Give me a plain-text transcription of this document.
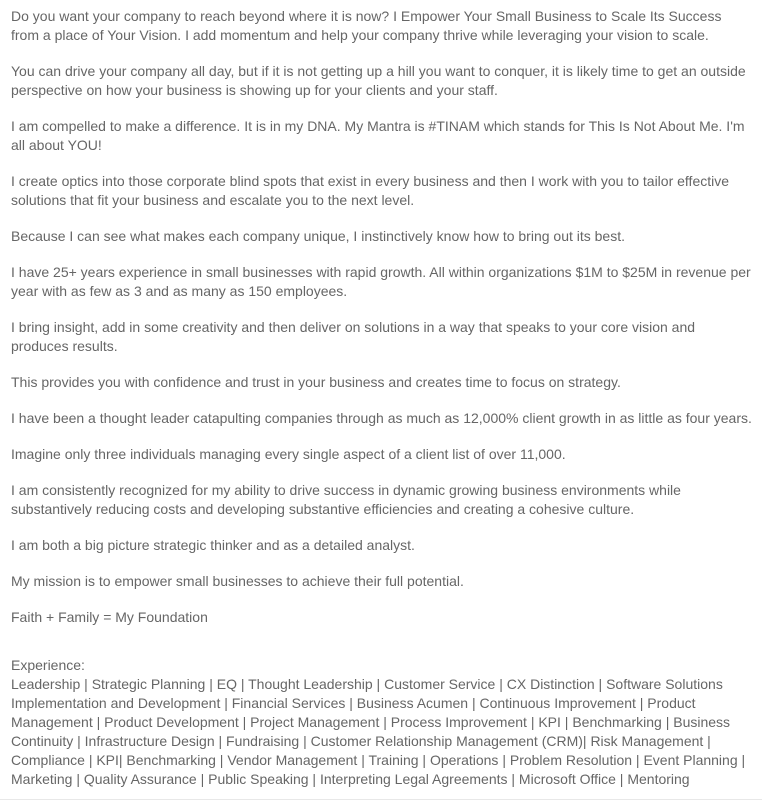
Do you want your company to reach beyond where it is now? I Empower Your Small Business to Scale Its Success from a place of Your Vision. I add momentum and help your company thrive while leveraging your vision to scale.

You can drive your company all day, but if it is not getting up a hill you want to conquer, it is likely time to get an outside perspective on how your business is showing up for your clients and your staff.

I am compelled to make a difference. It is in my DNA. My Mantra is #TINAM which stands for This Is Not About Me. I'm all about YOU!

I create optics into those corporate blind spots that exist in every business and then I work with you to tailor effective solutions that fit your business and escalate you to the next level.

Because I can see what makes each company unique, I instinctively know how to bring out its best.

I have 25+ years experience in small businesses with rapid growth. All within organizations $1M to $25M in revenue per year with as few as 3 and as many as 150 employees.

I bring insight, add in some creativity and then deliver on solutions in a way that speaks to your core vision and produces results.

This provides you with confidence and trust in your business and creates time to focus on strategy.

I have been a thought leader catapulting companies through as much as 12,000% client growth in as little as four years.

Imagine only three individuals managing every single aspect of a client list of over 11,000.

I am consistently recognized for my ability to drive success in dynamic growing business environments while substantively reducing costs and developing substantive efficiencies and creating a cohesive culture.

I am both a big picture strategic thinker and as a detailed analyst.

My mission is to empower small businesses to achieve their full potential.

Faith + Family = My Foundation

Experience:

Leadership | Strategic Planning | EQ | Thought Leadership | Customer Service | CX Distinction | Software Solutions Implementation and Development | Financial Services | Business Acumen | Continuous Improvement | Product Management | Product Development | Project Management | Process Improvement | KPI | Benchmarking | Business Continuity | Infrastructure Design | Fundraising | Customer Relationship Management (CRM)| Risk Management | Compliance | KPI| Benchmarking | Vendor Management | Training | Operations | Problem Resolution | Event Planning | Marketing | Quality Assurance | Public Speaking | Interpreting Legal Agreements | Microsoft Office | Mentoring
